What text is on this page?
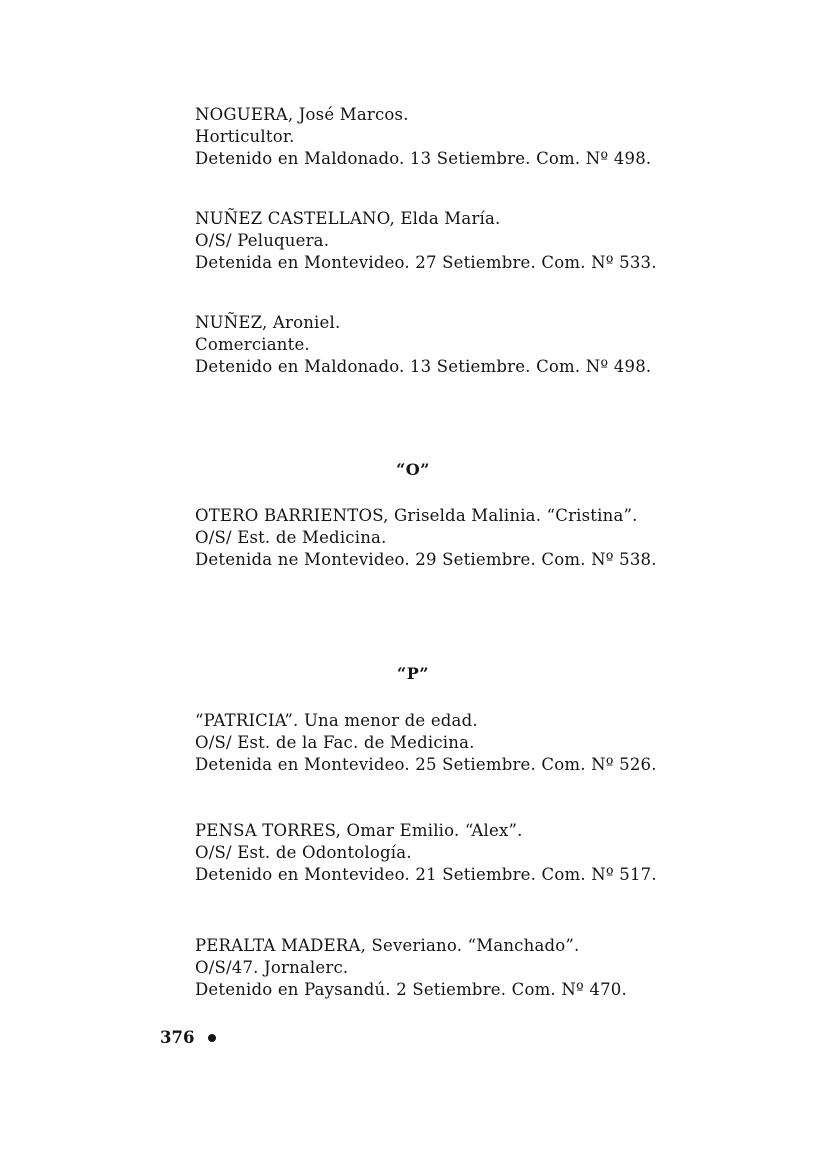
NOGUERA, José Marcos.
Horticultor.
Detenido en Maldonado. 13 Setiembre. Com. Nº 498.
NUÑEZ CASTELLANO, Elda María.
O/S/ Peluquera.
Detenida en Montevideo. 27 Setiembre. Com. Nº 533.
NUÑEZ, Aroniel.
Comerciante.
Detenido en Maldonado. 13 Setiembre. Com. Nº 498.
“O”
OTERO BARRIENTOS, Griselda Malinia. “Cristina”.
O/S/ Est. de Medicina.
Detenida ne Montevideo. 29 Setiembre. Com. Nº 538.
“P”
“PATRICIA”. Una menor de edad.
O/S/ Est. de la Fac. de Medicina.
Detenida en Montevideo. 25 Setiembre. Com. Nº 526.
PENSA TORRES, Omar Emilio. “Alex”.
O/S/ Est. de Odontología.
Detenido en Montevideo. 21 Setiembre. Com. Nº 517.
PERALTA MADERA, Severiano. “Manchado”.
O/S/47. Jornalerc.
Detenido en Paysandú. 2 Setiembre. Com. Nº 470.
376
